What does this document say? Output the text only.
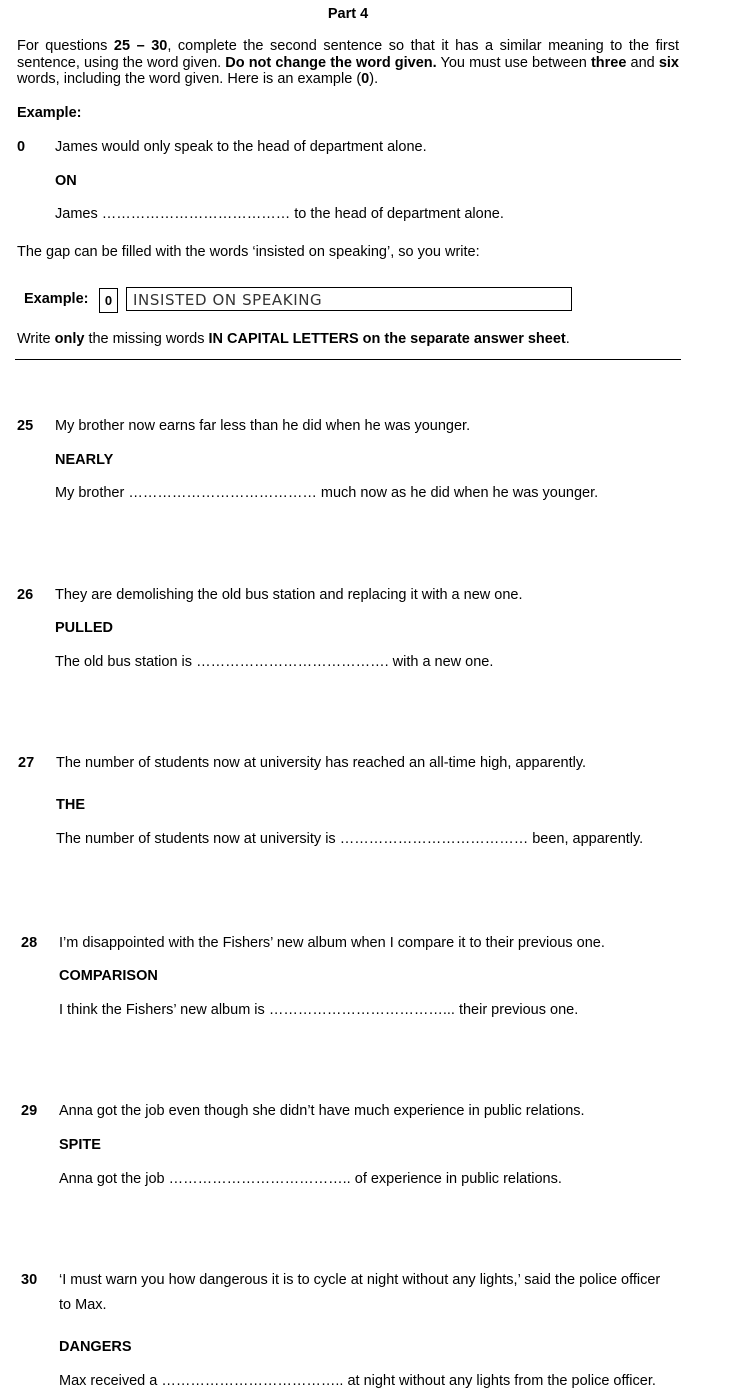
Part 4
For questions 25 – 30, complete the second sentence so that it has a similar meaning to the first sentence, using the word given. Do not change the word given. You must use between three and six words, including the word given. Here is an example (0).
Example:
0 James would only speak to the head of department alone.
ON
James ………………………………… to the head of department alone.
The gap can be filled with the words ‘insisted on speaking’, so you write:
Example:	0	INSISTED ON SPEAKING
Write only the missing words IN CAPITAL LETTERS on the separate answer sheet.
25 My brother now earns far less than he did when he was younger.
NEARLY
My brother ………………………………… much now as he did when he was younger.
26 They are demolishing the old bus station and replacing it with a new one.
PULLED
The old bus station is …………………………………. with a new one.
27 The number of students now at university has reached an all-time high, apparently.
THE
The number of students now at university is ………………………………… been, apparently.
28 I’m disappointed with the Fishers’ new album when I compare it to their previous one.
COMPARISON
I think the Fishers’ new album is ………………………………... their previous one.
29 Anna got the job even though she didn’t have much experience in public relations.
SPITE
Anna got the job ……………………………….. of experience in public relations.
30 ‘I must warn you how dangerous it is to cycle at night without any lights,’ said the police officer
to Max.
DANGERS
Max received a ……………………………….. at night without any lights from the police officer.
